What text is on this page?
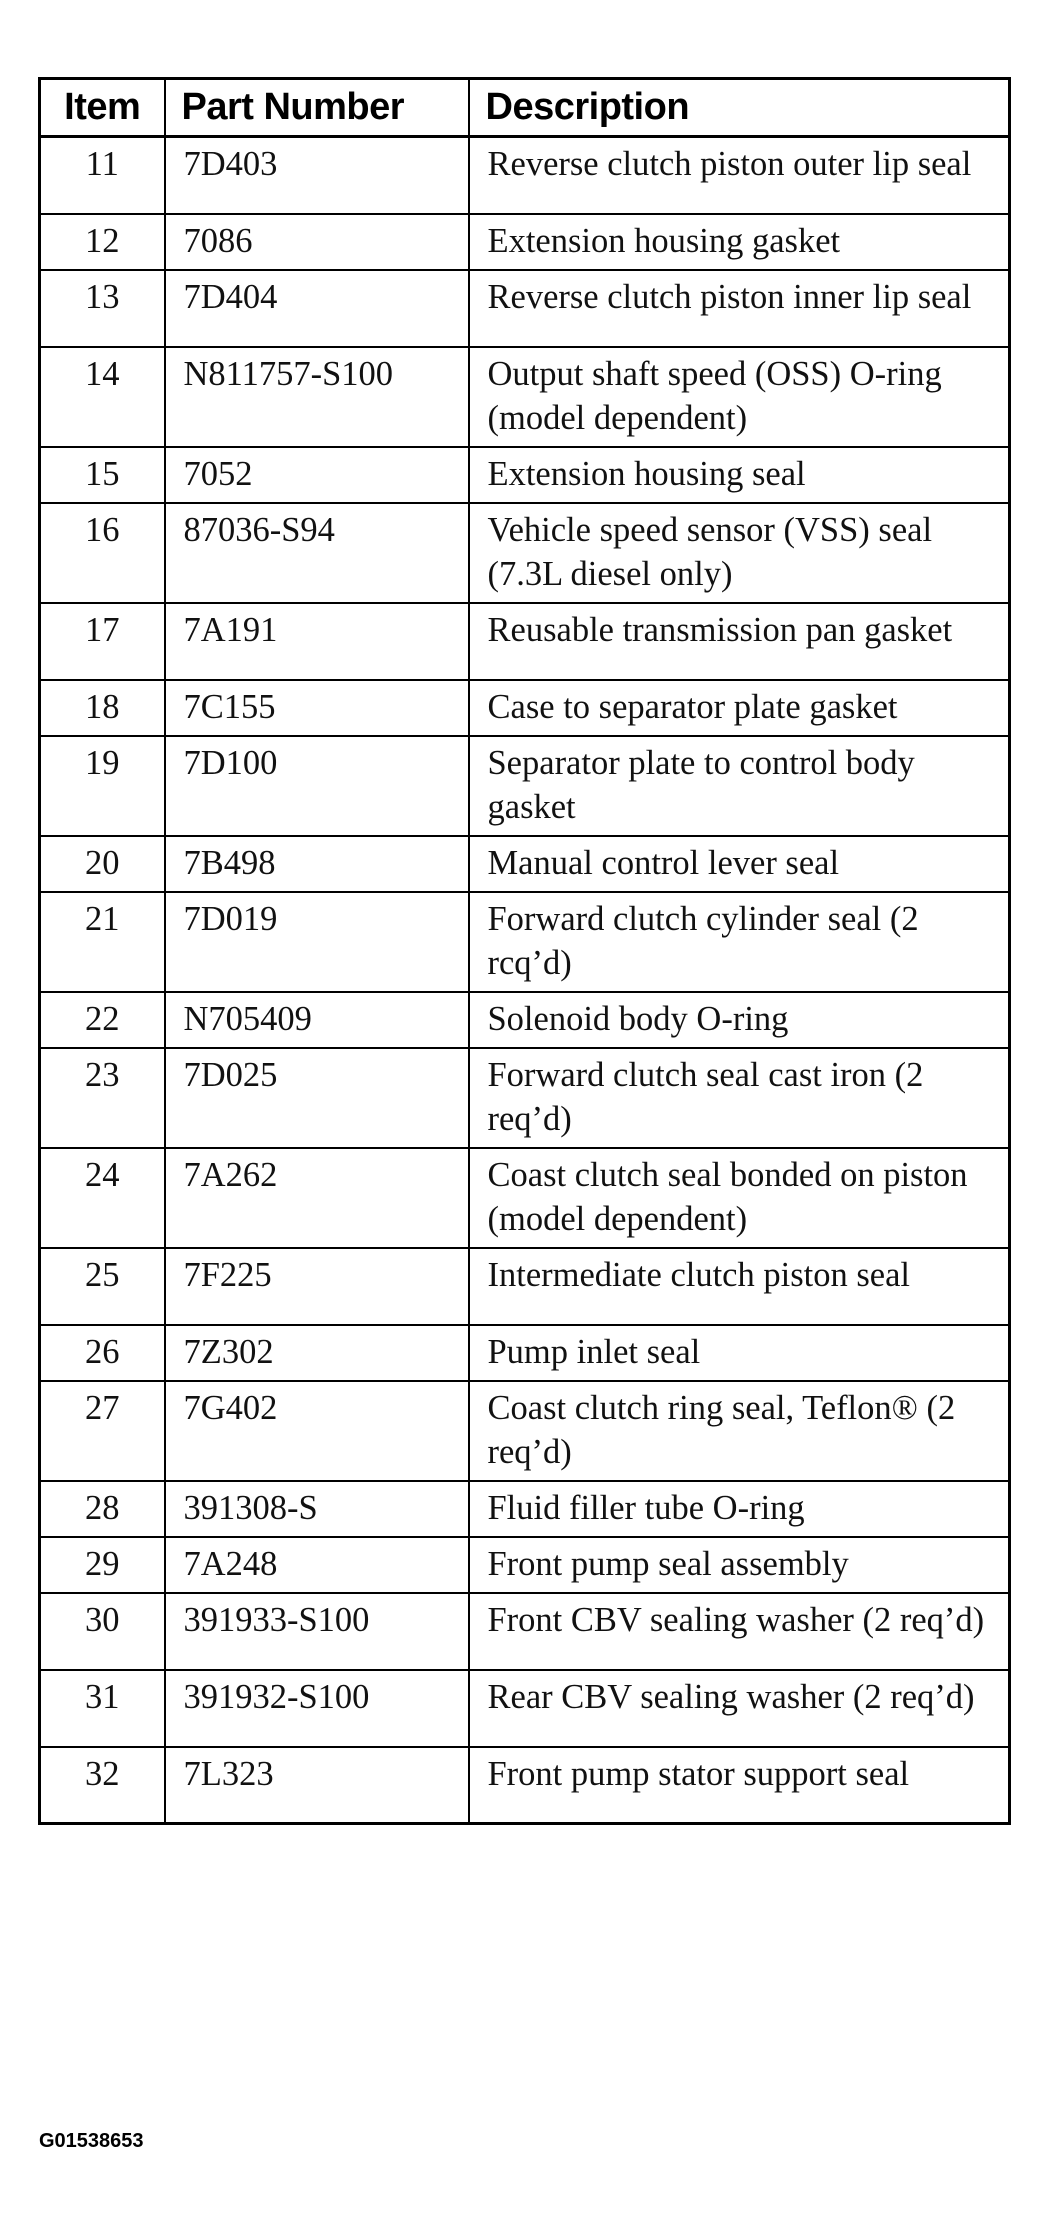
Item	Part Number	Description
11	7D403	Reverse clutch piston outer lip seal
12	7086	Extension housing gasket
13	7D404	Reverse clutch piston inner lip seal
14	N811757-S100	Output shaft speed (OSS) O-ring (model dependent)
15	7052	Extension housing seal
16	87036-S94	Vehicle speed sensor (VSS) seal (7.3L diesel only)
17	7A191	Reusable transmission pan gasket
18	7C155	Case to separator plate gasket
19	7D100	Separator plate to control body gasket
20	7B498	Manual control lever seal
21	7D019	Forward clutch cylinder seal (2 rcq’d)
22	N705409	Solenoid body O-ring
23	7D025	Forward clutch seal cast iron (2 req’d)
24	7A262	Coast clutch seal bonded on piston (model dependent)
25	7F225	Intermediate clutch piston seal
26	7Z302	Pump inlet seal
27	7G402	Coast clutch ring seal, Teflon® (2 req’d)
28	391308-S	Fluid filler tube O-ring
29	7A248	Front pump seal assembly
30	391933-S100	Front CBV sealing washer (2 req’d)
31	391932-S100	Rear CBV sealing washer (2 req’d)
32	7L323	Front pump stator support seal
G01538653
